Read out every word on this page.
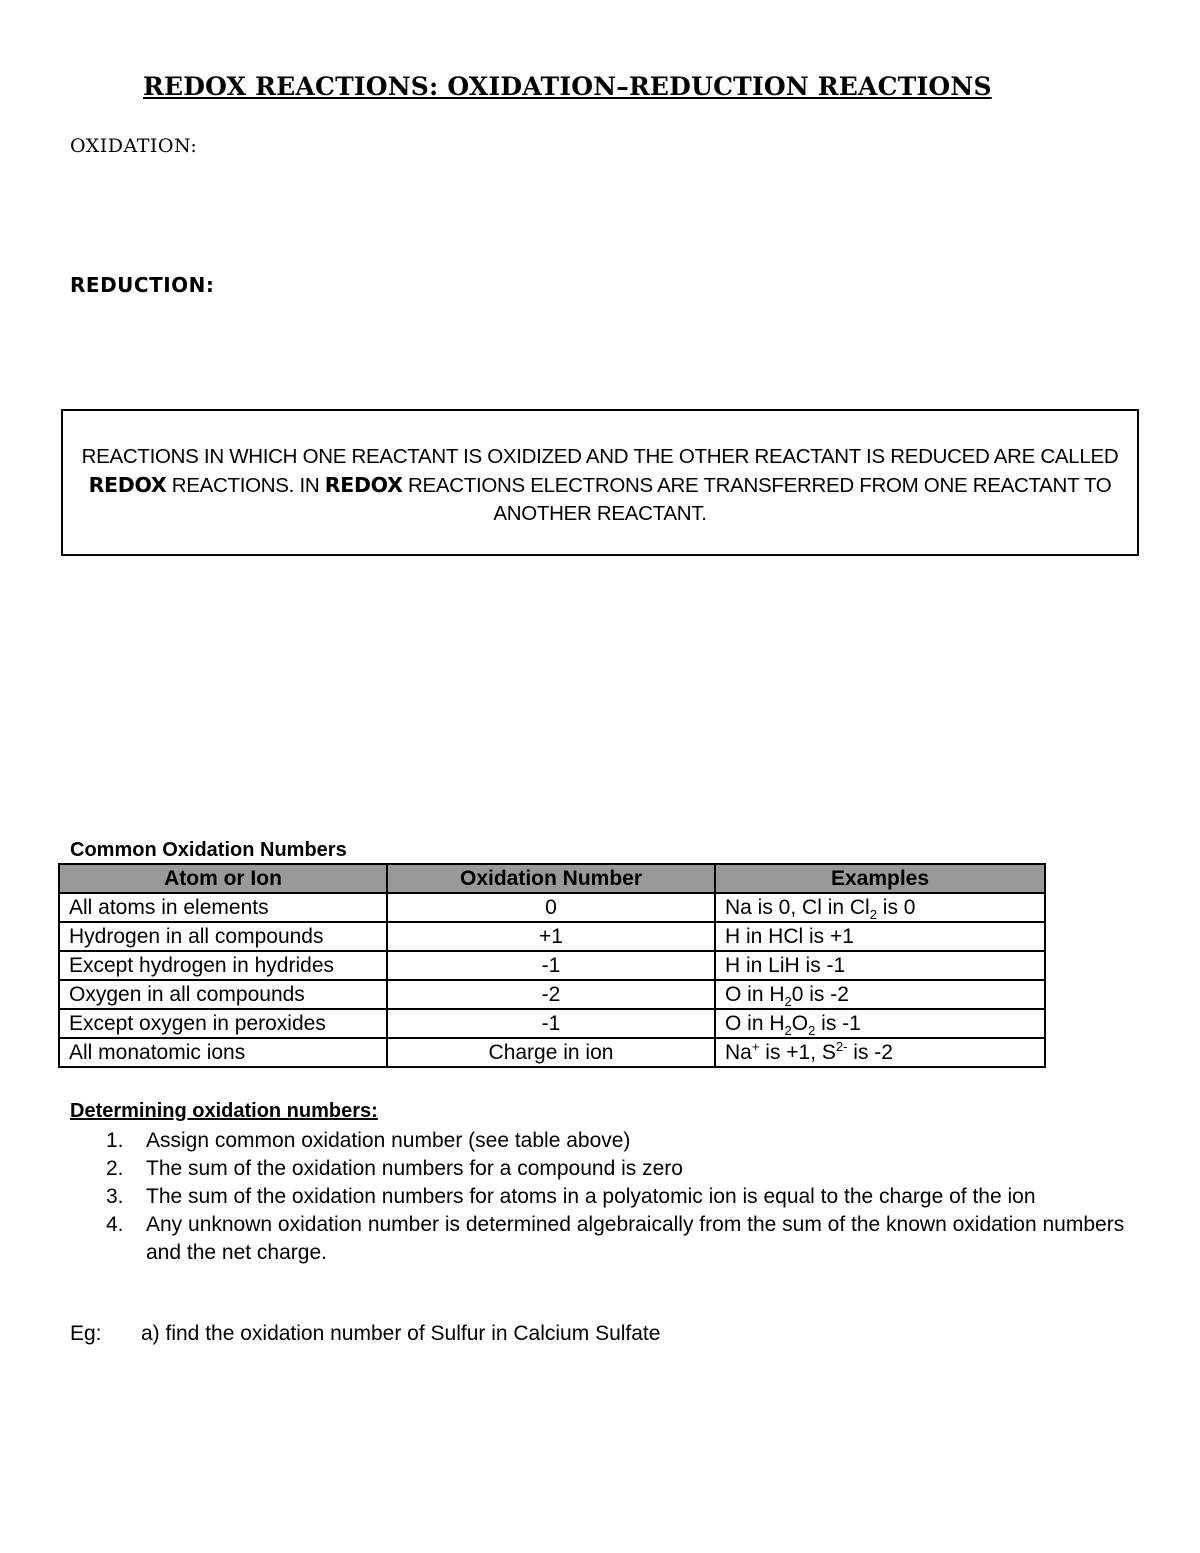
REDOX REACTIONS: OXIDATION–REDUCTION REACTIONS
OXIDATION:
REDUCTION:
REACTIONS IN WHICH ONE REACTANT IS OXIDIZED AND THE OTHER REACTANT IS REDUCED ARE CALLED REDOX REACTIONS. IN REDOX REACTIONS ELECTRONS ARE TRANSFERRED FROM ONE REACTANT TO ANOTHER REACTANT.
Common Oxidation Numbers
Atom or Ion	Oxidation Number	Examples
All atoms in elements	0	Na is 0, Cl in $Cl_2$ is 0
Hydrogen in all compounds	+1	H in HCl is +1
Except hydrogen in hydrides	-1	H in LiH is -1
Oxygen in all compounds	-2	O in $H_20$ is -2
Except oxygen in peroxides	-1	O in $H_2O_2$ is -1
All monatomic ions	Charge in ion	Na+ is +1, $S^{2-}$ is -2
Determining oxidation numbers:
1. Assign common oxidation number (see table above)
2. The sum of the oxidation numbers for a compound is zero
3. The sum of the oxidation numbers for atoms in a polyatomic ion is equal to the charge of the ion
4. Any unknown oxidation number is determined algebraically from the sum of the known oxidation numbers and the net charge.
Eg: a) find the oxidation number of Sulfur in Calcium Sulfate
